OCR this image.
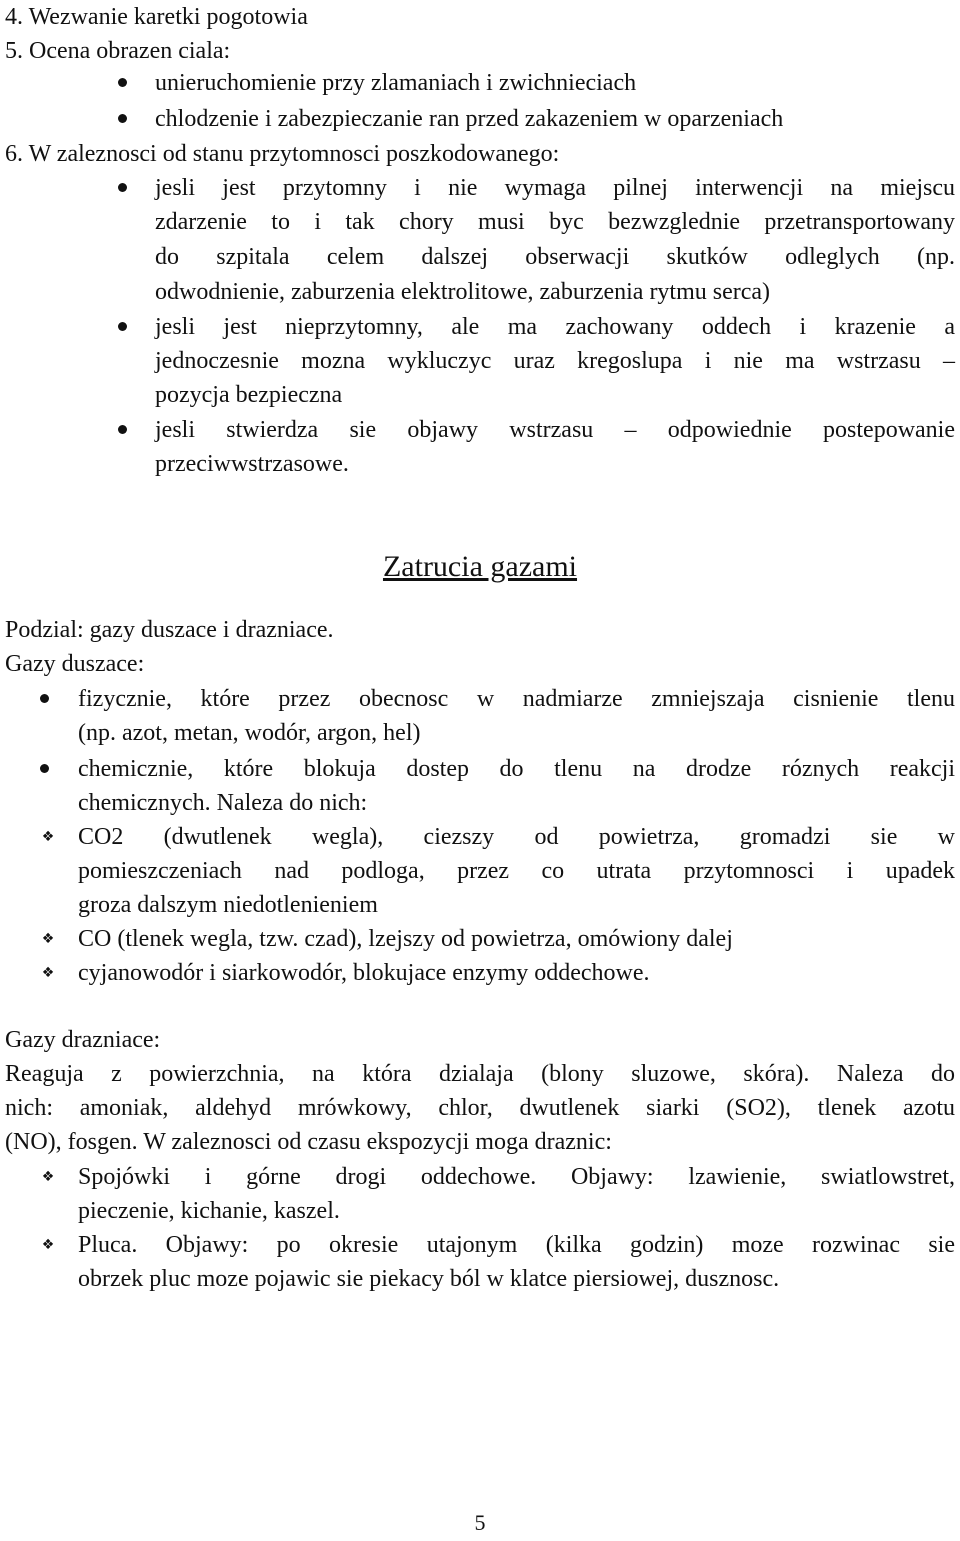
4. Wezwanie karetki pogotowia
5. Ocena obrazen ciala:
unieruchomienie przy zlamaniach i zwichnieciach
chlodzenie i zabezpieczanie ran przed zakazeniem w oparzeniach
6. W zaleznosci od stanu przytomnosci poszkodowanego:
jesli jest przytomny i nie wymaga pilnej interwencji na miejscu
zdarzenie to i tak chory musi byc bezwzglednie przetransportowany
do szpitala celem dalszej obserwacji skutków odleglych (np.
odwodnienie, zaburzenia elektrolitowe, zaburzenia rytmu serca)
jesli jest nieprzytomny, ale ma zachowany oddech i krazenie a
jednoczesnie mozna wykluczyc uraz kregoslupa i nie ma wstrzasu –
pozycja bezpieczna
jesli stwierdza sie objawy wstrzasu – odpowiednie postepowanie
przeciwwstrzasowe.
Zatrucia gazami
Podzial: gazy duszace i drazniace.
Gazy duszace:
fizycznie, które przez obecnosc w nadmiarze zmniejszaja cisnienie tlenu
(np. azot, metan, wodór, argon, hel)
chemicznie, które blokuja dostep do tlenu na drodze róznych reakcji
chemicznych. Naleza do nich:
❖ CO2 (dwutlenek wegla), ciezszy od powietrza, gromadzi sie w
pomieszczeniach nad podloga, przez co utrata przytomnosci i upadek
groza dalszym niedotlenieniem
❖ CO (tlenek wegla, tzw. czad), lzejszy od powietrza, omówiony dalej
❖ cyjanowodór i siarkowodór, blokujace enzymy oddechowe.
Gazy drazniace:
Reaguja z powierzchnia, na która dzialaja (blony sluzowe, skóra). Naleza do
nich: amoniak, aldehyd mrówkowy, chlor, dwutlenek siarki (SO2), tlenek azotu
(NO), fosgen. W zaleznosci od czasu ekspozycji moga draznic:
❖ Spojówki i górne drogi oddechowe. Objawy: lzawienie, swiatlowstret,
pieczenie, kichanie, kaszel.
❖ Pluca. Objawy: po okresie utajonym (kilka godzin) moze rozwinac sie
obrzek pluc moze pojawic sie piekacy ból w klatce piersiowej, dusznosc.
5
